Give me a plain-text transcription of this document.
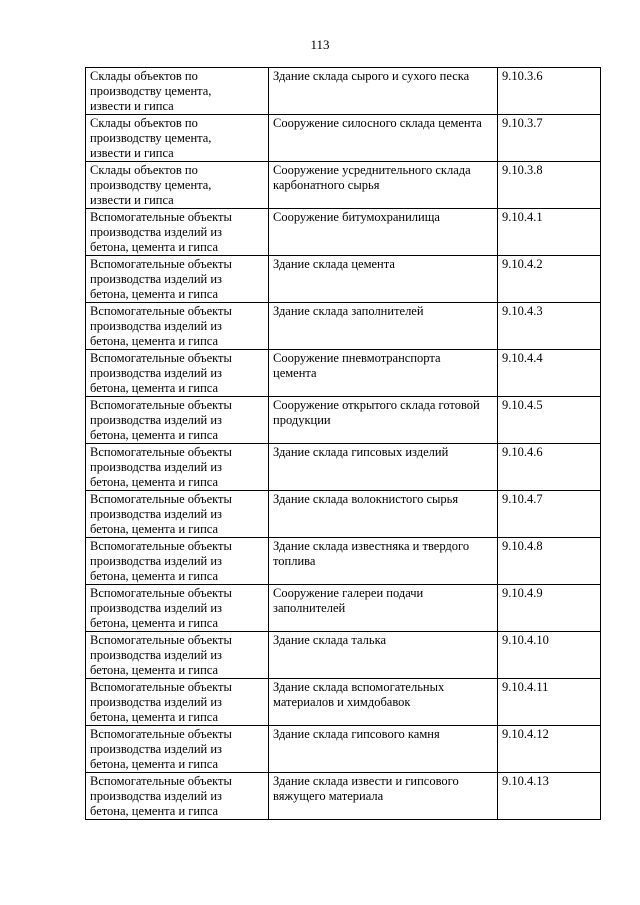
113
Склады объектов по
производству цемента,
извести и гипса	Здание склада сырого и сухого песка	9.10.3.6
Склады объектов по
производству цемента,
извести и гипса	Сооружение силосного склада цемента	9.10.3.7
Склады объектов по
производству цемента,
извести и гипса	Сооружение усреднительного склада
карбонатного сырья	9.10.3.8
Вспомогательные объекты
производства изделий из
бетона, цемента и гипса	Сооружение битумохранилища	9.10.4.1
Вспомогательные объекты
производства изделий из
бетона, цемента и гипса	Здание склада цемента	9.10.4.2
Вспомогательные объекты
производства изделий из
бетона, цемента и гипса	Здание склада заполнителей	9.10.4.3
Вспомогательные объекты
производства изделий из
бетона, цемента и гипса	Сооружение пневмотранспорта
цемента	9.10.4.4
Вспомогательные объекты
производства изделий из
бетона, цемента и гипса	Сооружение открытого склада готовой
продукции	9.10.4.5
Вспомогательные объекты
производства изделий из
бетона, цемента и гипса	Здание склада гипсовых изделий	9.10.4.6
Вспомогательные объекты
производства изделий из
бетона, цемента и гипса	Здание склада волокнистого сырья	9.10.4.7
Вспомогательные объекты
производства изделий из
бетона, цемента и гипса	Здание склада известняка и твердого
топлива	9.10.4.8
Вспомогательные объекты
производства изделий из
бетона, цемента и гипса	Сооружение галереи подачи
заполнителей	9.10.4.9
Вспомогательные объекты
производства изделий из
бетона, цемента и гипса	Здание склада талька	9.10.4.10
Вспомогательные объекты
производства изделий из
бетона, цемента и гипса	Здание склада вспомогательных
материалов и химдобавок	9.10.4.11
Вспомогательные объекты
производства изделий из
бетона, цемента и гипса	Здание склада гипсового камня	9.10.4.12
Вспомогательные объекты
производства изделий из
бетона, цемента и гипса	Здание склада извести и гипсового
вяжущего материала	9.10.4.13
